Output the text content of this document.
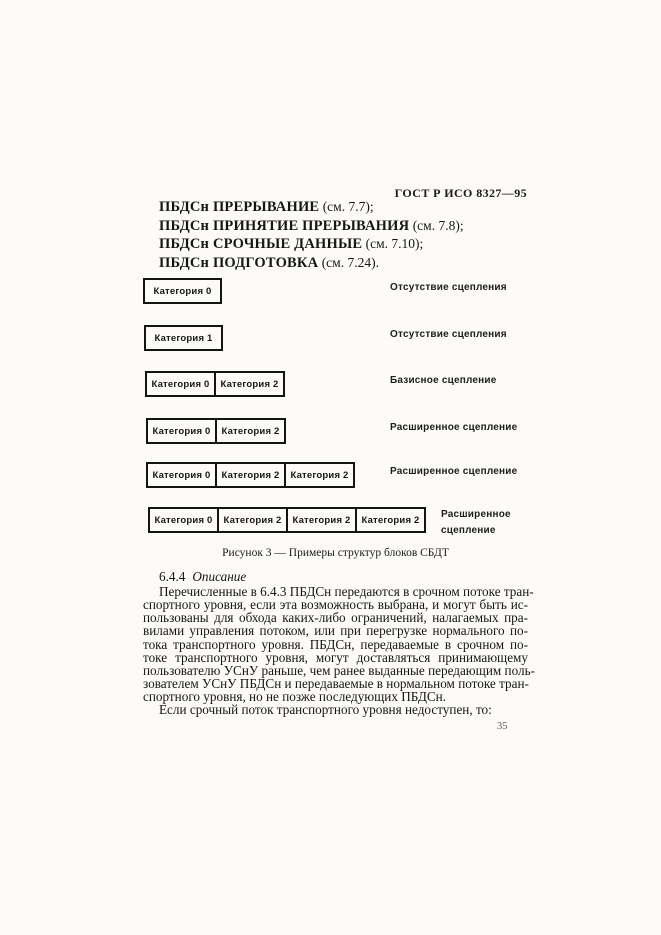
ГОСТ Р ИСО 8327—95
ПБДСн ПРЕРЫВАНИЕ (см. 7.7);
ПБДСн ПРИНЯТИЕ ПРЕРЫВАНИЯ (см. 7.8);
ПБДСн СРОЧНЫЕ ДАННЫЕ (см. 7.10);
ПБДСн ПОДГОТОВКА (см. 7.24).
Категория 0	Отсутствие сцепления
Категория 1	Отсутствие сцепления
Категория 0	Категория 2	Базисное сцепление
Категория 0	Категория 2	Расширенное сцепление
Категория 0	Категория 2	Категория 2	Расширенное сцепление
Категория 0	Категория 2	Категория 2	Категория 2	Расширенное сцепление
Рисунок 3 — Примеры структур блоков СБДТ
6.4.4 Описание
Перечисленные в 6.4.3 ПБДСн передаются в срочном потоке тран-
спортного уровня, если эта возможность выбрана, и могут быть ис-
пользованы для обхода каких-либо ограничений, налагаемых пра-
вилами управления потоком, или при перегрузке нормального по-
тока транспортного уровня. ПБДСн, передаваемые в срочном по-
токе транспортного уровня, могут доставляться принимающему
пользователю УСнУ раньше, чем ранее выданные передающим поль-
зователем УСнУ ПБДСн и передаваемые в нормальном потоке тран-
спортного уровня, но не позже последующих ПБДСн.
Если срочный поток транспортного уровня недоступен, то:
35
